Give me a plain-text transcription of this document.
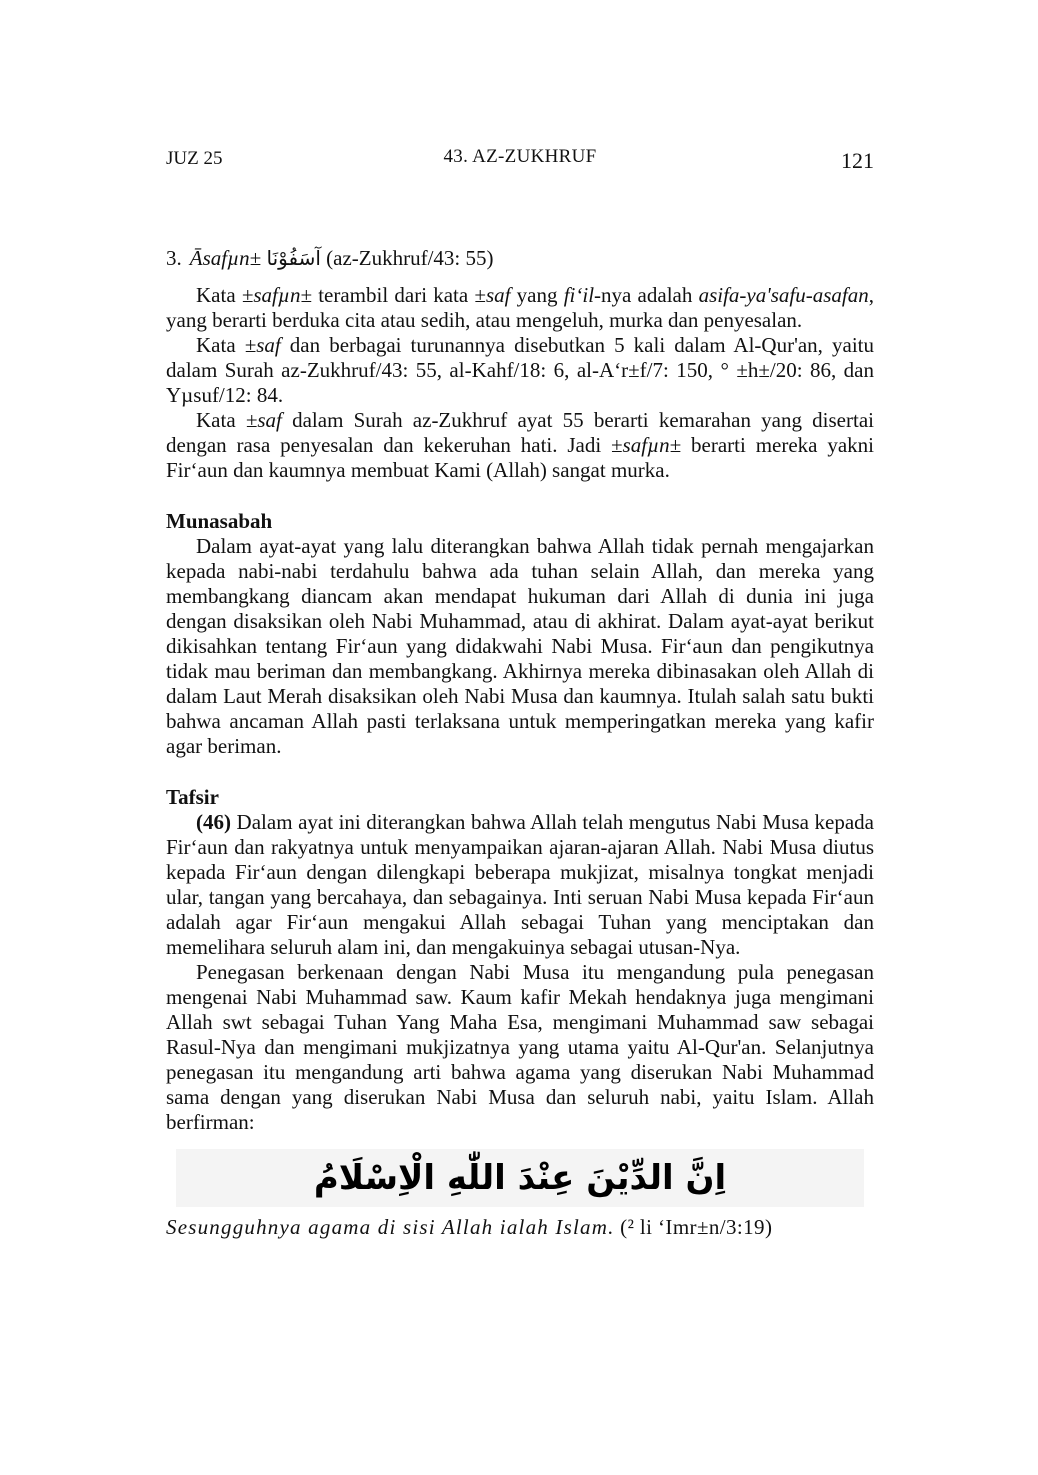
JUZ 25	43. AZ-ZUKHRUF	121
3. Āsafµn± آسَفُوْنَا (az-Zukhruf/43: 55)

Kata ±safµn± terambil dari kata ±saf yang fi‘il-nya adalah asifa-ya'safu-asafan, yang berarti berduka cita atau sedih, atau mengeluh, murka dan penyesalan.

Kata ±saf dan berbagai turunannya disebutkan 5 kali dalam Al-Qur'an, yaitu dalam Surah az-Zukhruf/43: 55, al-Kahf/18: 6, al-A‘r±f/7: 150, ° ±h±/20: 86, dan Yµsuf/12: 84.

Kata ±saf dalam Surah az-Zukhruf ayat 55 berarti kemarahan yang disertai dengan rasa penyesalan dan kekeruhan hati. Jadi ±safµn± berarti mereka yakni Fir‘aun dan kaumnya membuat Kami (Allah) sangat murka.

Munasabah

Dalam ayat-ayat yang lalu diterangkan bahwa Allah tidak pernah mengajarkan kepada nabi-nabi terdahulu bahwa ada tuhan selain Allah, dan mereka yang membangkang diancam akan mendapat hukuman dari Allah di dunia ini juga dengan disaksikan oleh Nabi Muhammad, atau di akhirat. Dalam ayat-ayat berikut dikisahkan tentang Fir‘aun yang didakwahi Nabi Musa. Fir‘aun dan pengikutnya tidak mau beriman dan membangkang. Akhirnya mereka dibinasakan oleh Allah di dalam Laut Merah disaksikan oleh Nabi Musa dan kaumnya. Itulah salah satu bukti bahwa ancaman Allah pasti terlaksana untuk memperingatkan mereka yang kafir agar beriman.

Tafsir

(46) Dalam ayat ini diterangkan bahwa Allah telah mengutus Nabi Musa kepada Fir‘aun dan rakyatnya untuk menyampaikan ajaran-ajaran Allah. Nabi Musa diutus kepada Fir‘aun dengan dilengkapi beberapa mukjizat, misalnya tongkat menjadi ular, tangan yang bercahaya, dan sebagainya. Inti seruan Nabi Musa kepada Fir‘aun adalah agar Fir‘aun mengakui Allah sebagai Tuhan yang menciptakan dan memelihara seluruh alam ini, dan mengakuinya sebagai utusan-Nya.

Penegasan berkenaan dengan Nabi Musa itu mengandung pula penegasan mengenai Nabi Muhammad saw. Kaum kafir Mekah hendaknya juga mengimani Allah swt sebagai Tuhan Yang Maha Esa, mengimani Muhammad saw sebagai Rasul-Nya dan mengimani mukjizatnya yang utama yaitu Al-Qur'an. Selanjutnya penegasan itu mengandung arti bahwa agama yang diserukan Nabi Muhammad sama dengan yang diserukan Nabi Musa dan seluruh nabi, yaitu Islam. Allah berfirman:

اِنَّ الدِّيْنَ عِنْدَ اللّٰهِ الْاِسْلَامُ

Sesungguhnya agama di sisi Allah ialah Islam. (² li ‘Imr±n/3:19)
